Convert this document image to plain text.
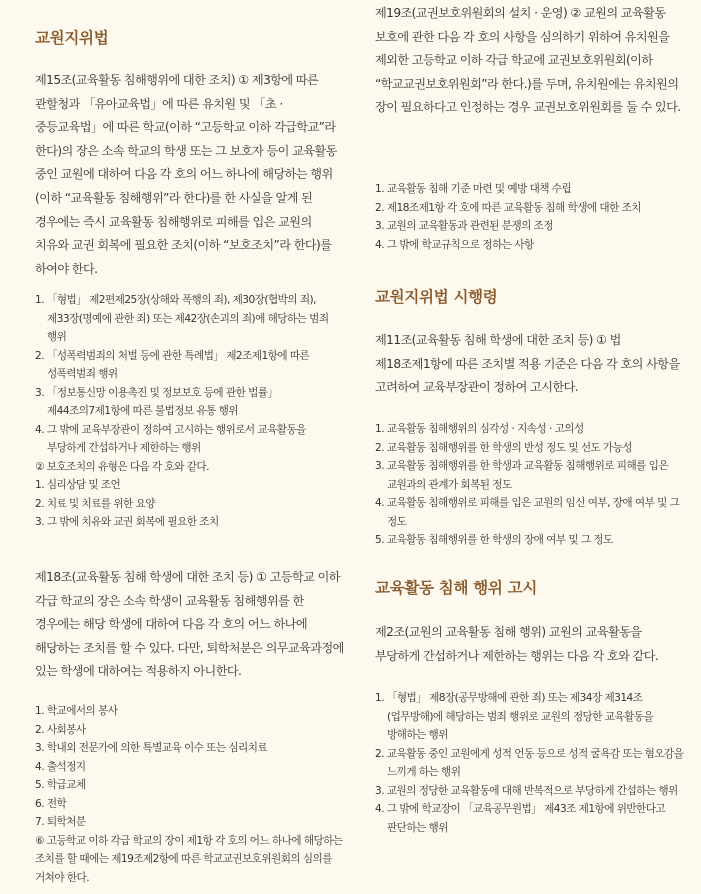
교원지위법

제15조(교육활동 침해행위에 대한 조치) ① 제3항에 따른 관할청과 「유아교육법」에 따른 유치원 및 「초 · 중등교육법」에 따른 학교(이하 “고등학교 이하 각급학교”라 한다)의 장은 소속 학교의 학생 또는 그 보호자 등이 교육활동 중인 교원에 대하여 다음 각 호의 어느 하나에 해당하는 행위(이하 “교육활동 침해행위”라 한다)를 한 사실을 알게 된 경우에는 즉시 교육활동 침해행위로 피해를 입은 교원의 치유와 교권 회복에 필요한 조치(이하 “보호조치”라 한다)를 하여야 한다.

1. 「형법」 제2편제25장(상해와 폭행의 죄), 제30장(협박의 죄), 제33장(명예에 관한 죄) 또는 제42장(손괴의 죄)에 해당하는 범죄 행위
2. 「성폭력범죄의 처벌 등에 관한 특례법」 제2조제1항에 따른 성폭력범죄 행위
3. 「정보통신망 이용촉진 및 정보보호 등에 관한 법률」 제44조의7제1항에 따른 불법정보 유통 행위
4. 그 밖에 교육부장관이 정하여 고시하는 행위로서 교육활동을 부당하게 간섭하거나 제한하는 행위
② 보호조치의 유형은 다음 각 호와 같다.
1. 심리상담 및 조언
2. 치료 및 치료를 위한 요양
3. 그 밖에 치유와 교권 회복에 필요한 조치

제18조(교육활동 침해 학생에 대한 조치 등) ① 고등학교 이하 각급 학교의 장은 소속 학생이 교육활동 침해행위를 한 경우에는 해당 학생에 대하여 다음 각 호의 어느 하나에 해당하는 조치를 할 수 있다. 다만, 퇴학처분은 의무교육과정에 있는 학생에 대하여는 적용하지 아니한다.

1. 학교에서의 봉사
2. 사회봉사
3. 학내외 전문가에 의한 특별교육 이수 또는 심리치료
4. 출석정지
5. 학급교체
6. 전학
7. 퇴학처분
⑥ 고등학교 이하 각급 학교의 장이 제1항 각 호의 어느 하나에 해당하는 조치를 할 때에는 제19조제2항에 따른 학교교권보호위원회의 심의를 거쳐야 한다.

제19조(교권보호위원회의 설치 · 운영) ② 교원의 교육활동 보호에 관한 다음 각 호의 사항을 심의하기 위하여 유치원을 제외한 고등학교 이하 각급 학교에 교권보호위원회(이하 “학교교권보호위원회”라 한다.)를 두며, 유치원에는 유치원의 장이 필요하다고 인정하는 경우 교권보호위원회를 둘 수 있다.

1. 교육활동 침해 기준 마련 및 예방 대책 수립
2. 제18조제1항 각 호에 따른 교육활동 침해 학생에 대한 조치
3. 교원의 교육활동과 관련된 분쟁의 조정
4. 그 밖에 학교규칙으로 정하는 사항
교원지위법 시행령

제11조(교육활동 침해 학생에 대한 조치 등) ① 법 제18조제1항에 따른 조치별 적용 기준은 다음 각 호의 사항을 고려하여 교육부장관이 정하여 고시한다.

1. 교육활동 침해행위의 심각성 · 지속성 · 고의성
2. 교육활동 침해행위를 한 학생의 반성 정도 및 선도 가능성
3. 교육활동 침해행위를 한 학생과 교육활동 침해행위로 피해를 입은 교원과의 관계가 회복된 정도
4. 교육활동 침해행위로 피해를 입은 교원의 임신 여부, 장애 여부 및 그 정도
5. 교육활동 침해행위를 한 학생의 장애 여부 및 그 정도
교육활동 침해 행위 고시

제2조(교원의 교육활동 침해 행위) 교원의 교육활동을 부당하게 간섭하거나 제한하는 행위는 다음 각 호와 같다.

1. 「형법」 제8장(공무방해에 관한 죄) 또는 제34장 제314조(업무방해)에 해당하는 범죄 행위로 교원의 정당한 교육활동을 방해하는 행위
2. 교육활동 중인 교원에게 성적 언동 등으로 성적 굴욕감 또는 혐오감을 느끼게 하는 행위
3. 교원의 정당한 교육활동에 대해 반복적으로 부당하게 간섭하는 행위
4. 그 밖에 학교장이 「교육공무원법」 제43조 제1항에 위반한다고 판단하는 행위
